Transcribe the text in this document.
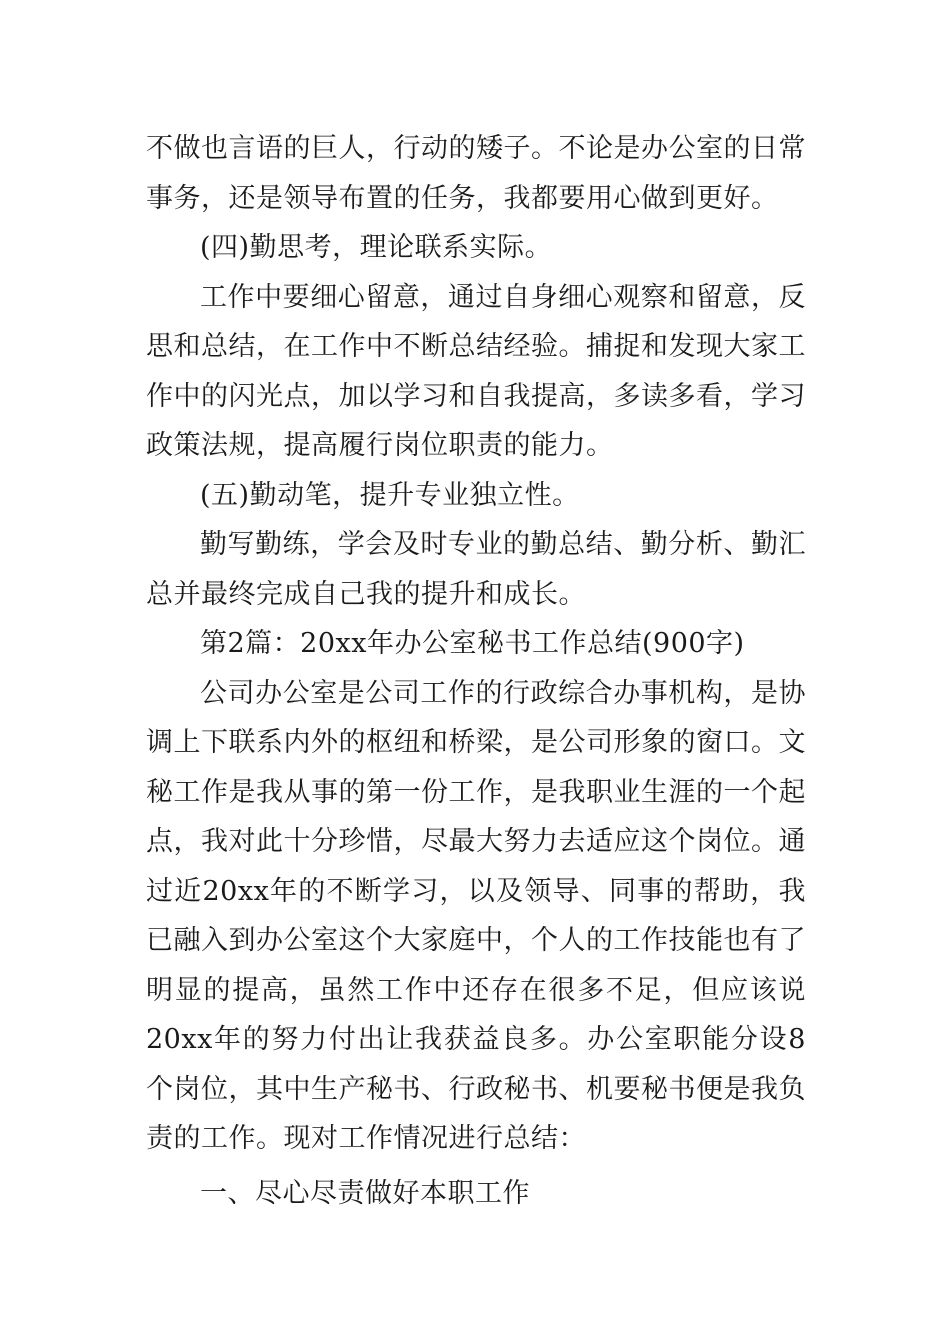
不做也言语的巨人，行动的矮子。不论是办公室的日常事务，还是领导布置的任务，我都要用心做到更好。

(四)勤思考，理论联系实际。

工作中要细心留意，通过自身细心观察和留意，反思和总结，在工作中不断总结经验。捕捉和发现大家工作中的闪光点，加以学习和自我提高，多读多看，学习政策法规，提高履行岗位职责的能力。

(五)勤动笔，提升专业独立性。

勤写勤练，学会及时专业的勤总结、勤分析、勤汇总并最终完成自己我的提升和成长。

第2篇：20xx年办公室秘书工作总结(900字)

公司办公室是公司工作的行政综合办事机构，是协调上下联系内外的枢纽和桥梁，是公司形象的窗口。文秘工作是我从事的第一份工作，是我职业生涯的一个起点，我对此十分珍惜，尽最大努力去适应这个岗位。通过近20xx年的不断学习，以及领导、同事的帮助，我已融入到办公室这个大家庭中，个人的工作技能也有了明显的提高，虽然工作中还存在很多不足，但应该说20xx年的努力付出让我获益良多。办公室职能分设8个岗位，其中生产秘书、行政秘书、机要秘书便是我负责的工作。现对工作情况进行总结：

一、尽心尽责做好本职工作
